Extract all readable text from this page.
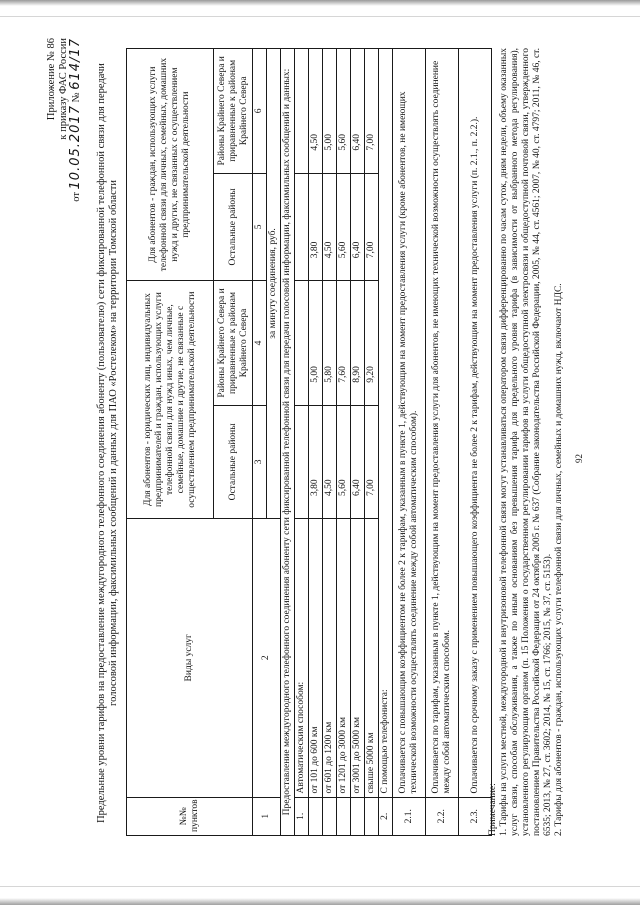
Приложение № 86 к приказу ФАС России
от 10.05.2017 № 614/17 Предельные уровни тарифов на предоставление междугородного телефонного соединения абоненту (пользователю) сети фиксированной телефонной связи для передачи голосовой информации, факсимильных сообщений и данных для ПАО «Ростелеком» на территории Томской области
№№ пунктов	Виды услуг	Для абонентов - юридических лиц, индивидуальных предпринимателей и граждан, использующих услуги телефонной связи для нужд иных, чем личные, семейные, домашние и другие, не связанные с осуществлением предпринимательской деятельности		Для абонентов - граждан, использующих услуги телефонной связи для личных, семейных, домашних нужд и других, не связанных с осуществлением предпринимательской деятельности	
		Остальные районы	Районы Крайнего Севера и приравненные к районам Крайнего Севера	Остальные районы	Районы Крайнего Севера и приравненные к районам Крайнего Севера
1	2	3	4	5	6
		за минуту соединения, руб.			
Предоставление междугородного телефонного соединения абоненту сети фиксированной телефонной связи для передачи голосовой информации, факсимильных сообщений и данных:					
1.	Автоматическим способом:				
	от 101 до 600 км	3,80	5,00	3,80	4,50
	от 601 до 1200 км	4,50	5,80	4,50	5,00
	от 1201 до 3000 км	5,60	7,60	5,60	5,60
	от 3001 до 5000 км	6,40	8,90	6,40	6,40
	свыше 5000 км	7,00	9,20	7,00	7,00
2.	С помощью телефониста:				
2.1.	Оплачивается с повышающим коэффициентом не более 2 к тарифам, указанным в пункте 1, действующим на момент предоставления услуги (кроме абонентов, не имеющих технической возможности осуществлять соединение между собой автоматическим способом).				
2.2.	Оплачивается по тарифам, указанным в пункте 1, действующим на момент предоставления услуги для абонентов, не имеющих технической возможности осуществлять соединение между собой автоматическим способом.				
2.3.	Оплачивается по срочному заказу с применением повышающего коэффициента не более 2 к тарифам, действующим на момент предоставления услуги (п. 2.1., п. 2.2.).				
Примечание: 1. Тарифы на услуги местной, междугородной и внутризоновой телефонной связи могут устанавливаться оператором связи дифференцированно по часам суток, дням недели, объему оказанных услуг связи, способам обслуживания, а также по иным основаниям без превышения тарифа для предельного уровня тарифа (в зависимости от выбранного метода регулирования), установленного регулирующим органом (п. 15 Положения о государственном регулировании тарифов на услуги общедоступной электросвязи и общедоступной почтовой связи, утвержденного постановлением Правительства Российской Федерации от 24 октября 2005 г. № 637 (Собрание законодательства Российской Федерации, 2005, № 44, ст. 4561; 2007, № 40, ст. 4797; 2011, № 46, ст. 6535; 2013, № 27, ст. 3602; 2014, № 15, ст. 1766; 2015, № 37, ст. 5153). 2. Тарифы для абонентов - граждан, использующих услуги телефонной связи для личных, семейных и домашних нужд, включают НДС. 92
